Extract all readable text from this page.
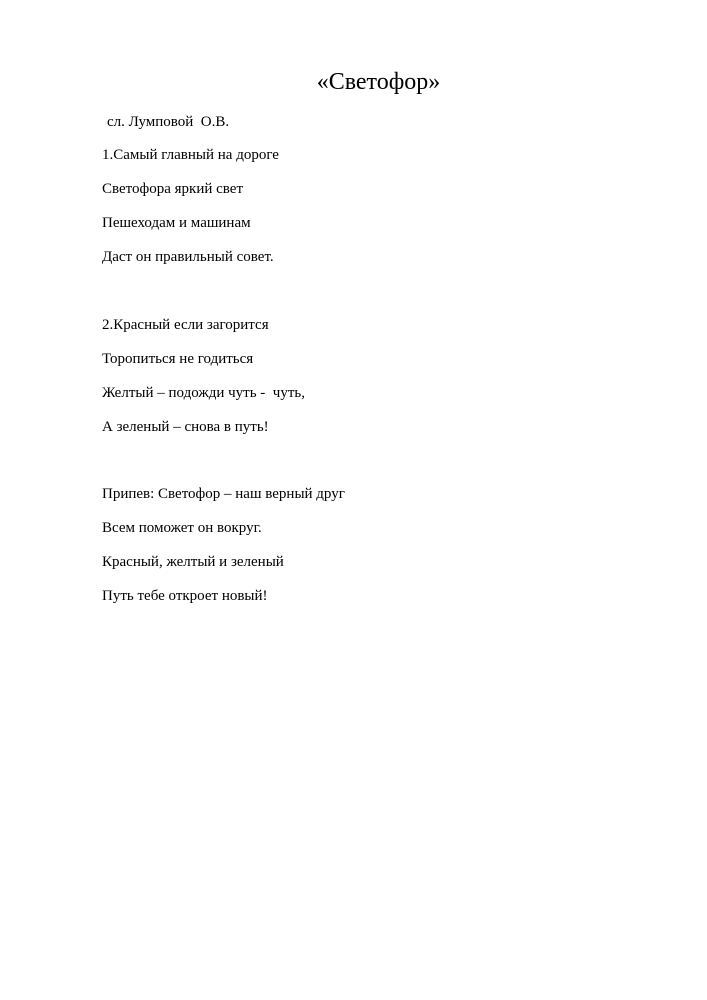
«Светофор»
сл. Лумповой  О.В.
1.Самый главный на дороге
Светофора яркий свет
Пешеходам и машинам
Даст он правильный совет.
2.Красный если загорится
Торопиться не годиться
Желтый – подожди чуть -  чуть,
А зеленый – снова в путь!
Припев: Светофор – наш верный друг
Всем поможет он вокруг.
Красный, желтый и зеленый
Путь тебе откроет новый!
